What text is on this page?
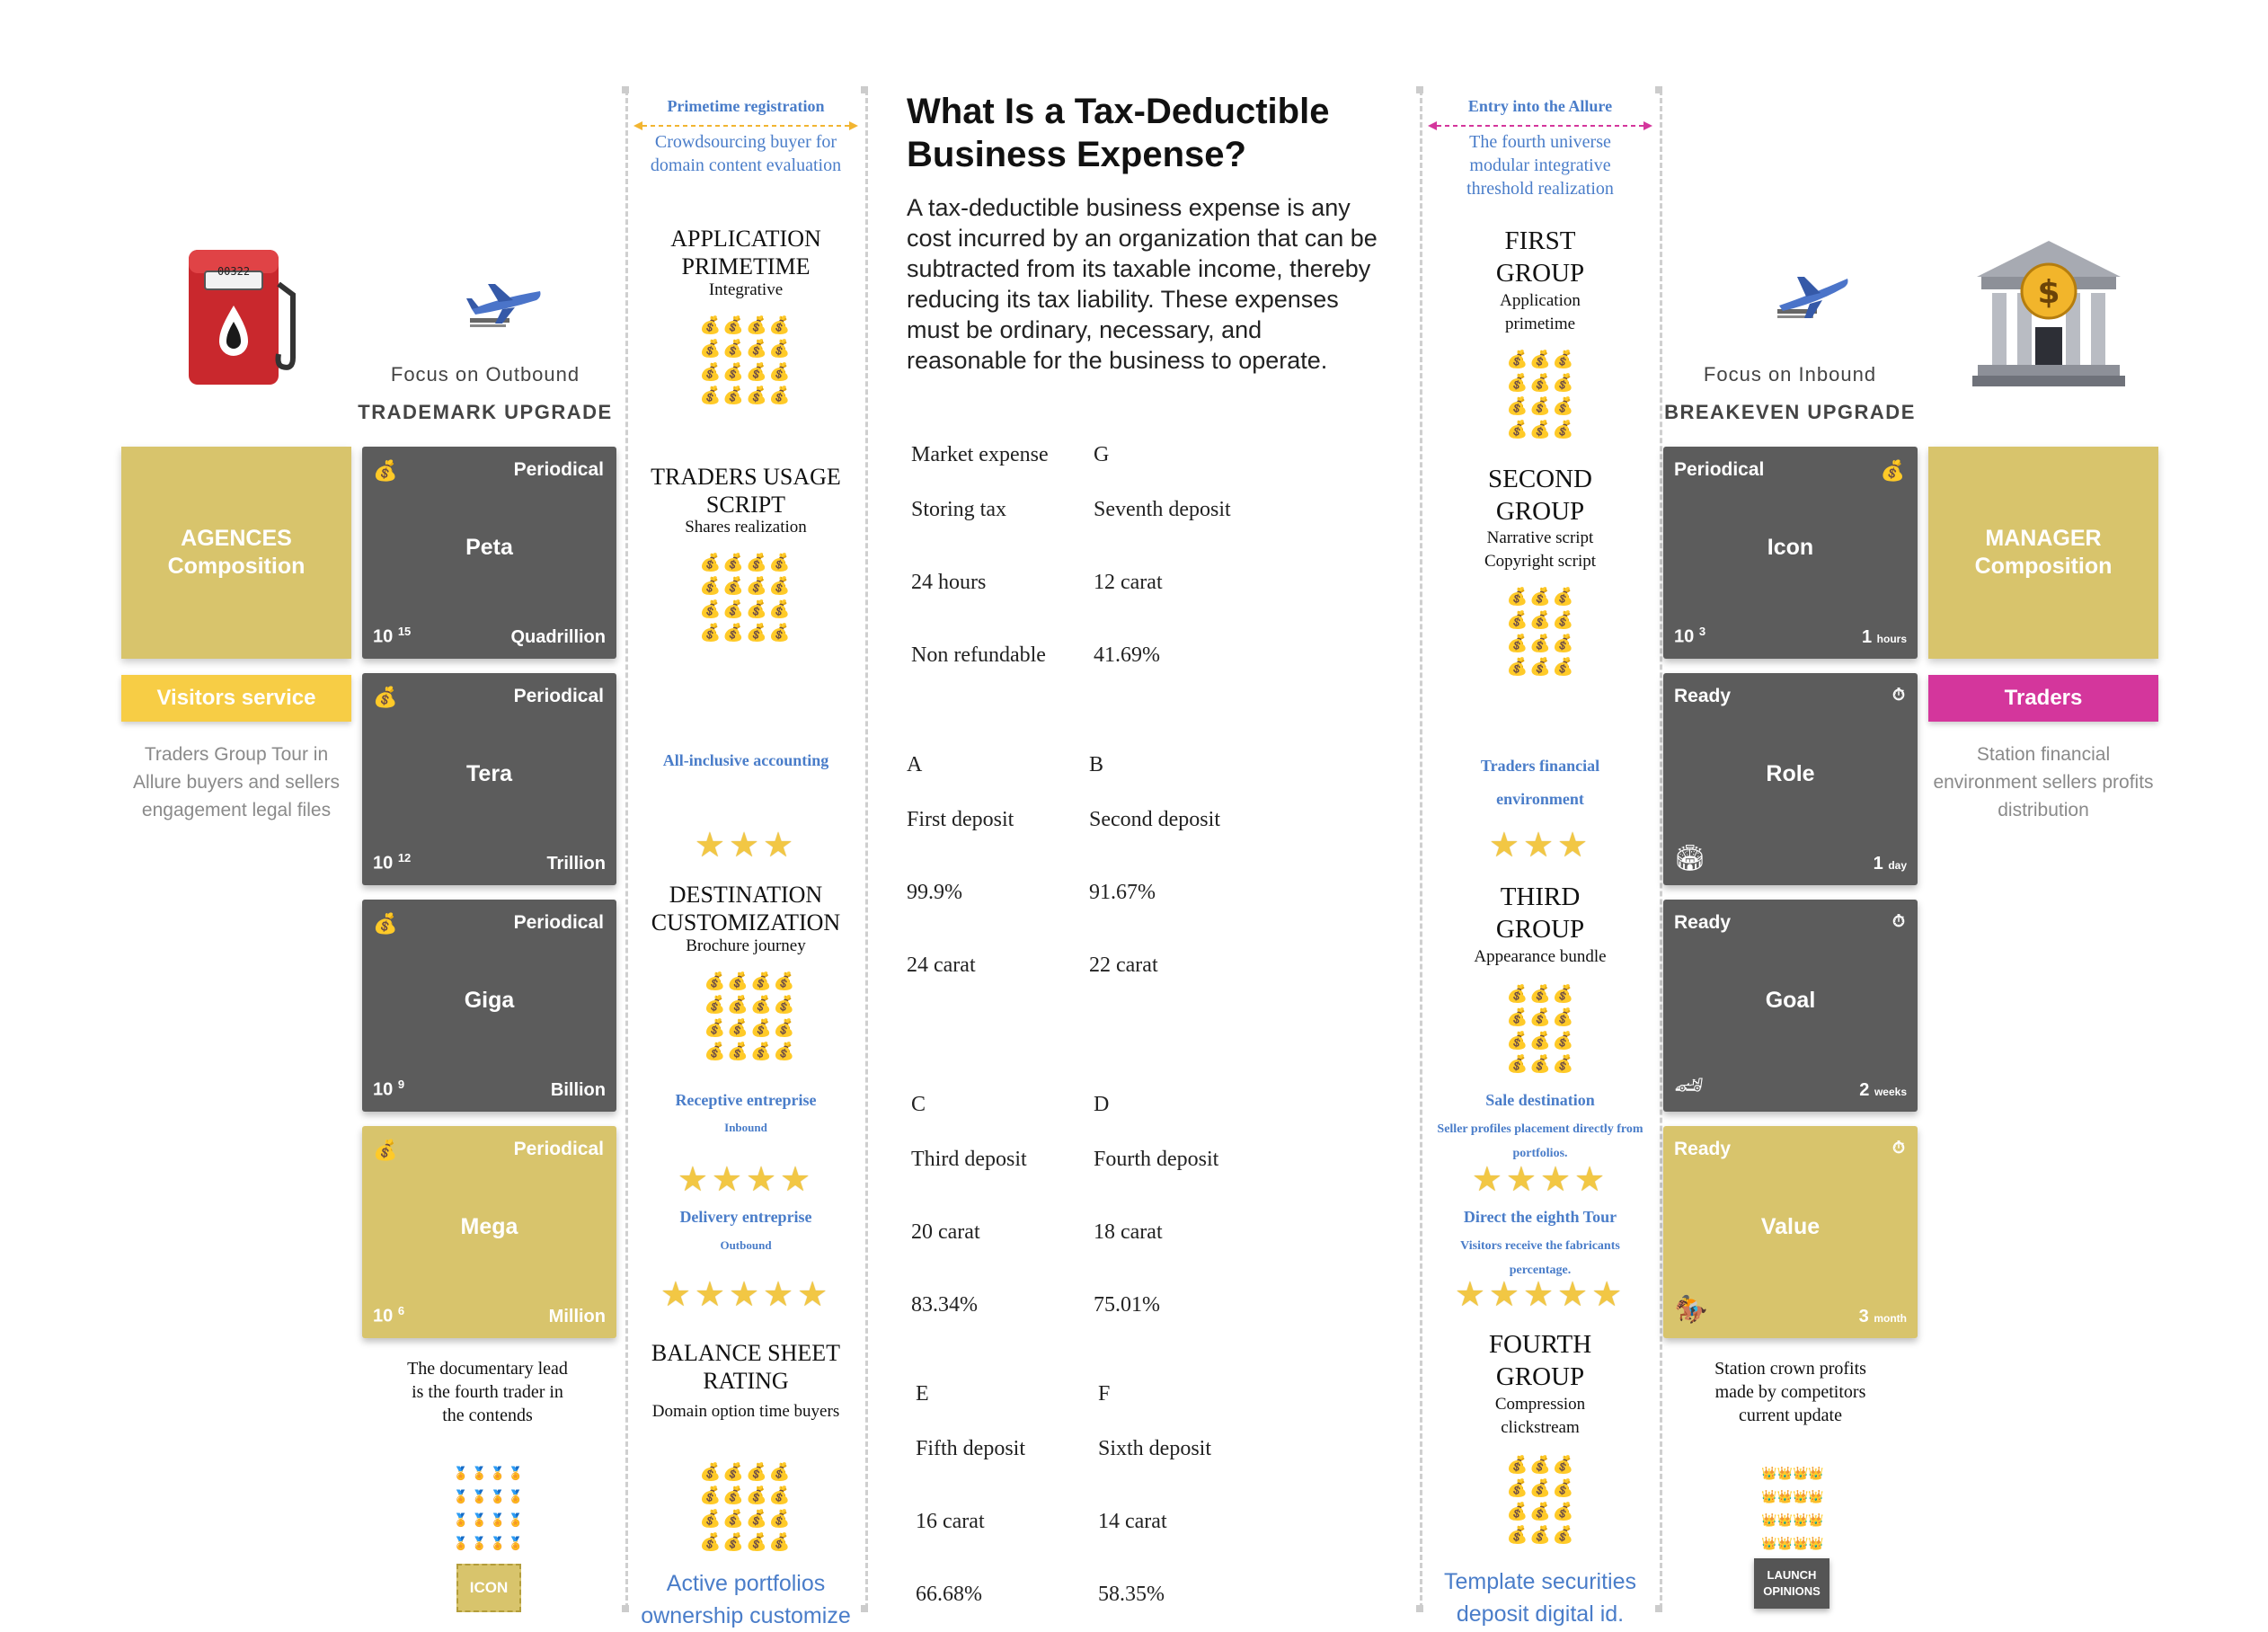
00322
Focus on Outbound
TRADEMARK UPGRADE
AGENCES
Composition
Visitors service
Traders Group Tour in Allure buyers and sellers engagement legal files
💰	Periodical
Peta
10 $^{15}$	Quadrillion
💰	Periodical
Tera
10 $^{12}$	Trillion
💰	Periodical
Giga
10 $^9$	Billion
💰	Periodical
Mega
10 $^6$	Million
The documentary lead is the fourth trader in the contends
🏅🏅🏅🏅
🏅🏅🏅🏅
🏅🏅🏅🏅
🏅🏅🏅🏅
ICON
Primetime registration
Crowdsourcing buyer for domain content evaluation
APPLICATION PRIMETIME
Integrative
💰💰💰💰
💰💰💰💰
💰💰💰💰
💰💰💰💰
TRADERS USAGE SCRIPT
Shares realization
💰💰💰💰
💰💰💰💰
💰💰💰💰
💰💰💰💰
All-inclusive accounting
★★★
DESTINATION CUSTOMIZATION
Brochure journey
💰💰💰💰
💰💰💰💰
💰💰💰💰
💰💰💰💰
Receptive entreprise
Inbound
★★★★
Delivery entreprise
Outbound
★★★★★
BALANCE SHEET RATING
Domain option time buyers
💰💰💰💰
💰💰💰💰
💰💰💰💰
💰💰💰💰
Active portfolios ownership customize
What Is a Tax-Deductible Business Expense?
A tax-deductible business expense is any cost incurred by an organization that can be subtracted from its taxable income, thereby reducing its tax liability. These expenses must be ordinary, necessary, and reasonable for the business to operate.
Market expense G
Storing tax	Seventh deposit
24 hours	12 carat
Non refundable 41.69%
A	B
First deposit	Second deposit
99.9%	91.67%
24 carat	22 carat
C	D
Third deposit	Fourth deposit
20 carat	18 carat
83.34%	75.01%
E	F
Fifth deposit	Sixth deposit
16 carat	14 carat
66.68%	58.35%
Entry into the Allure
The fourth universe modular integrative threshold realization
FIRST GROUP
Application primetime
💰💰💰
💰💰💰
💰💰💰
💰💰💰
SECOND GROUP
Narrative script Copyright script
💰💰💰
💰💰💰
💰💰💰
💰💰💰
Traders financial environment
★★★
THIRD GROUP
Appearance bundle
💰💰💰
💰💰💰
💰💰💰
💰💰💰
Sale destination
Seller profiles placement directly from portfolios.
★★★★
Direct the eighth Tour
Visitors receive the fabricants percentage.
★★★★★
FOURTH GROUP
Compression clickstream
💰💰💰
💰💰💰
💰💰💰
💰💰💰
Template securities deposit digital id.
$
Focus on Inbound
BREAKEVEN UPGRADE
Periodical	💰
Icon
10 $^3$	1 hours
Ready	⏱
Role
🏟	1 day
Ready	⏱
Goal
🏎	2 weeks
Ready	⏱
Value
🏇	3 month
MANAGER
Composition
Traders
Station financial environment sellers profits distribution
Station crown profits made by competitors current update
👑👑👑👑
👑👑👑👑
👑👑👑👑
👑👑👑👑
LAUNCH
OPINIONS
